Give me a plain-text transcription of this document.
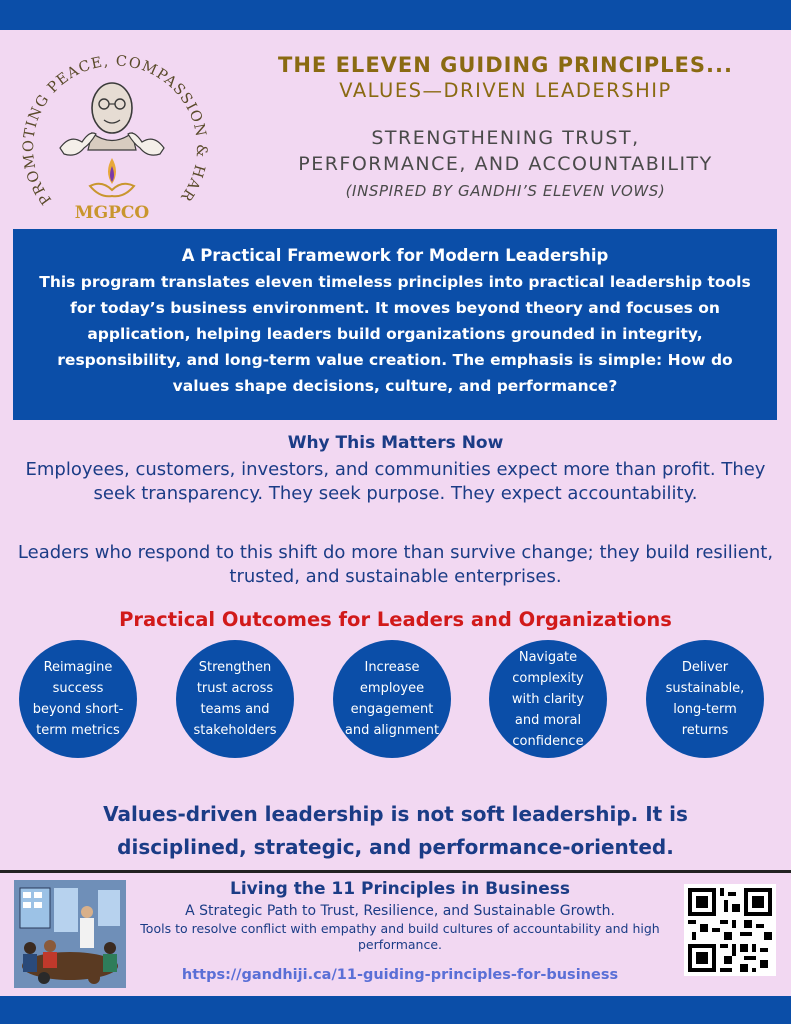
PROMOTING PEACE, COMPASSION & HAR
MGPCO
THE ELEVEN GUIDING PRINCIPLES...
VALUES—DRIVEN LEADERSHIP
STRENGTHENING TRUST,
PERFORMANCE, AND ACCOUNTABILITY
(INSPIRED BY GANDHI’S ELEVEN VOWS)
A Practical Framework for Modern Leadership
This program translates eleven timeless principles into practical leadership tools for today’s business environment. It moves beyond theory and focuses on application, helping leaders build organizations grounded in integrity, responsibility, and long-term value creation. The emphasis is simple: How do values shape decisions, culture, and performance?
Why This Matters Now
Employees, customers, investors, and communities expect more than profit. They seek transparency. They seek purpose. They expect accountability.
Leaders who respond to this shift do more than survive change; they build resilient, trusted, and sustainable enterprises.
Practical Outcomes for Leaders and Organizations
Reimagine success beyond short-term metrics
Strengthen trust across teams and stakeholders
Increase employee engagement and alignment
Navigate complexity with clarity and moral confidence
Deliver sustainable, long-term returns
Values-driven leadership is not soft leadership. It is
disciplined, strategic, and performance-oriented.
Living the 11 Principles in Business
A Strategic Path to Trust, Resilience, and Sustainable Growth.
Tools to resolve conflict with empathy and build cultures of accountability and high performance.
https://gandhiji.ca/11-guiding-principles-for-business
